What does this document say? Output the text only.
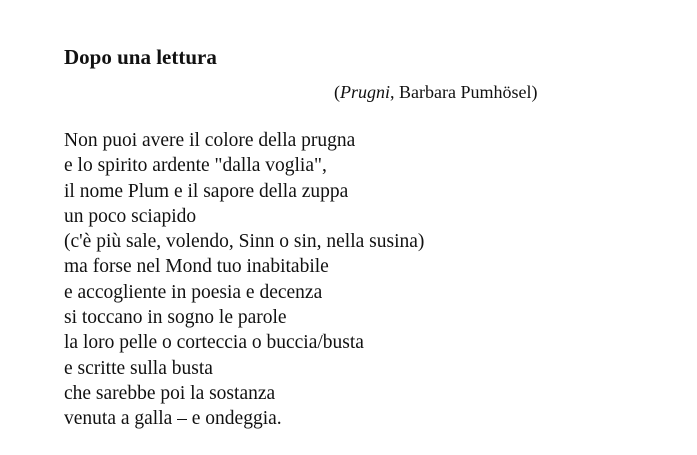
Dopo una lettura
(Prugni, Barbara Pumhösel)
Non puoi avere il colore della prugna
e lo spirito ardente "dalla voglia",
il nome Plum e il sapore della zuppa
un poco sciapido
(c'è più sale, volendo, Sinn o sin, nella susina)
ma forse nel Mond tuo inabitabile
e accogliente in poesia e decenza
si toccano in sogno le parole
la loro pelle o corteccia o buccia/busta
e scritte sulla busta
che sarebbe poi la sostanza
venuta a galla – e ondeggia.
